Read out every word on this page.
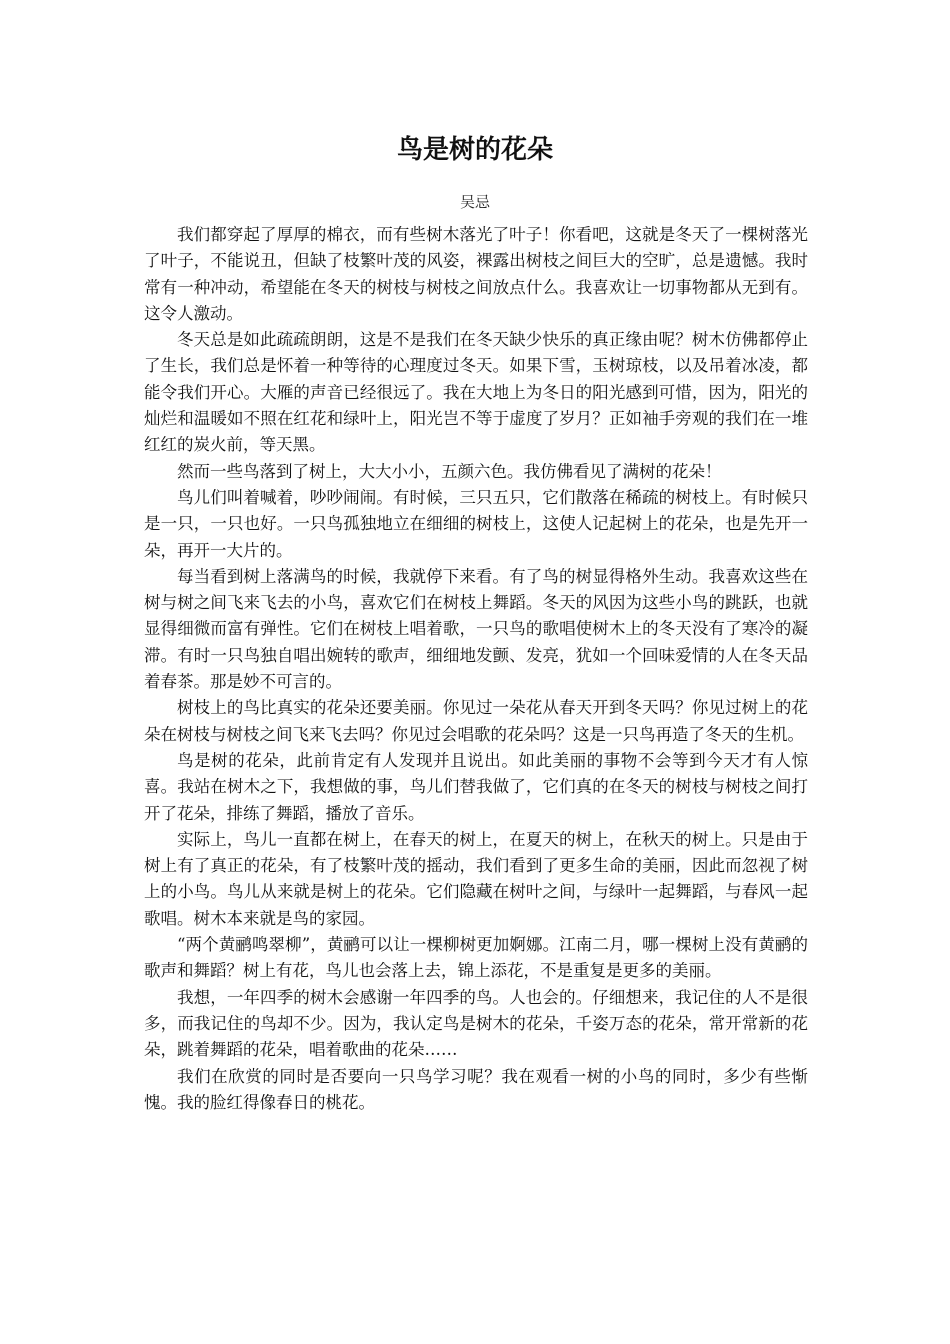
鸟是树的花朵
吴忌

我们都穿起了厚厚的棉衣，而有些树木落光了叶子！你看吧，这就是冬天了一棵树落光了叶子，不能说丑，但缺了枝繁叶茂的风姿，裸露出树枝之间巨大的空旷，总是遗憾。我时常有一种冲动，希望能在冬天的树枝与树枝之间放点什么。我喜欢让一切事物都从无到有。这令人激动。

冬天总是如此疏疏朗朗，这是不是我们在冬天缺少快乐的真正缘由呢？树木仿佛都停止了生长，我们总是怀着一种等待的心理度过冬天。如果下雪，玉树琼枝，以及吊着冰凌，都能令我们开心。大雁的声音已经很远了。我在大地上为冬日的阳光感到可惜，因为，阳光的灿烂和温暖如不照在红花和绿叶上，阳光岂不等于虚度了岁月？正如袖手旁观的我们在一堆红红的炭火前，等天黑。

然而一些鸟落到了树上，大大小小，五颜六色。我仿佛看见了满树的花朵！

鸟儿们叫着喊着，吵吵闹闹。有时候，三只五只，它们散落在稀疏的树枝上。有时候只是一只，一只也好。一只鸟孤独地立在细细的树枝上，这使人记起树上的花朵，也是先开一朵，再开一大片的。

每当看到树上落满鸟的时候，我就停下来看。有了鸟的树显得格外生动。我喜欢这些在树与树之间飞来飞去的小鸟，喜欢它们在树枝上舞蹈。冬天的风因为这些小鸟的跳跃，也就显得细微而富有弹性。它们在树枝上唱着歌，一只鸟的歌唱使树木上的冬天没有了寒冷的凝滞。有时一只鸟独自唱出婉转的歌声，细细地发颤、发亮，犹如一个回味爱情的人在冬天品着春茶。那是妙不可言的。

树枝上的鸟比真实的花朵还要美丽。你见过一朵花从春天开到冬天吗？你见过树上的花朵在树枝与树枝之间飞来飞去吗？你见过会唱歌的花朵吗？这是一只鸟再造了冬天的生机。

鸟是树的花朵，此前肯定有人发现并且说出。如此美丽的事物不会等到今天才有人惊喜。我站在树木之下，我想做的事，鸟儿们替我做了，它们真的在冬天的树枝与树枝之间打开了花朵，排练了舞蹈，播放了音乐。

实际上，鸟儿一直都在树上，在春天的树上，在夏天的树上，在秋天的树上。只是由于树上有了真正的花朵，有了枝繁叶茂的摇动，我们看到了更多生命的美丽，因此而忽视了树上的小鸟。鸟儿从来就是树上的花朵。它们隐藏在树叶之间，与绿叶一起舞蹈，与春风一起歌唱。树木本来就是鸟的家园。

“两个黄鹂鸣翠柳”，黄鹂可以让一棵柳树更加婀娜。江南二月，哪一棵树上没有黄鹂的歌声和舞蹈？树上有花，鸟儿也会落上去，锦上添花，不是重复是更多的美丽。

我想，一年四季的树木会感谢一年四季的鸟。人也会的。仔细想来，我记住的人不是很多，而我记住的鸟却不少。因为，我认定鸟是树木的花朵，千姿万态的花朵，常开常新的花朵，跳着舞蹈的花朵，唱着歌曲的花朵……

我们在欣赏的同时是否要向一只鸟学习呢？我在观看一树的小鸟的同时，多少有些惭愧。我的脸红得像春日的桃花。
